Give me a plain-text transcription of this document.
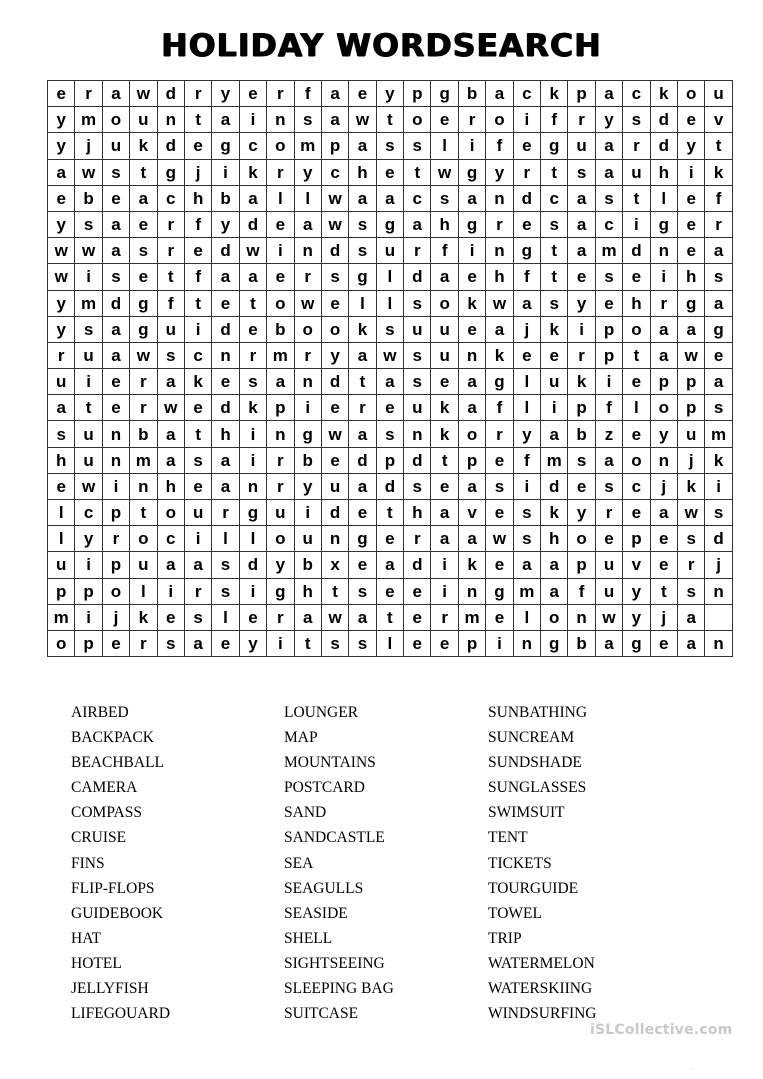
HOLIDAY WORDSEARCH
e	r	a	w	d	r	y	e	r	f	a	e	y	p	g	b	a	c	k	p	a	c	k	o	u
y	m	o	u	n	t	a	i	n	s	a	w	t	o	e	r	o	i	f	r	y	s	d	e	v
y	j	u	k	d	e	g	c	o	m	p	a	s	s	l	i	f	e	g	u	a	r	d	y	t
a	w	s	t	g	j	i	k	r	y	c	h	e	t	w	g	y	r	t	s	a	u	h	i	k
e	b	e	a	c	h	b	a	l	l	w	a	a	c	s	a	n	d	c	a	s	t	l	e	f
y	s	a	e	r	f	y	d	e	a	w	s	g	a	h	g	r	e	s	a	c	i	g	e	r
w	w	a	s	r	e	d	w	i	n	d	s	u	r	f	i	n	g	t	a	m	d	n	e	a
w	i	s	e	t	f	a	a	e	r	s	g	l	d	a	e	h	f	t	e	s	e	i	h	s
y	m	d	g	f	t	e	t	o	w	e	l	l	s	o	k	w	a	s	y	e	h	r	g	a
y	s	a	g	u	i	d	e	b	o	o	k	s	u	u	e	a	j	k	i	p	o	a	a	g
r	u	a	w	s	c	n	r	m	r	y	a	w	s	u	n	k	e	e	r	p	t	a	w	e
u	i	e	r	a	k	e	s	a	n	d	t	a	s	e	a	g	l	u	k	i	e	p	p	a
a	t	e	r	w	e	d	k	p	i	e	r	e	u	k	a	f	l	i	p	f	l	o	p	s
s	u	n	b	a	t	h	i	n	g	w	a	s	n	k	o	r	y	a	b	z	e	y	u	m
h	u	n	m	a	s	a	i	r	b	e	d	p	d	t	p	e	f	m	s	a	o	n	j	k
e	w	i	n	h	e	a	n	r	y	u	a	d	s	e	a	s	i	d	e	s	c	j	k	i
l	c	p	t	o	u	r	g	u	i	d	e	t	h	a	v	e	s	k	y	r	e	a	w	s
l	y	r	o	c	i	l	l	o	u	n	g	e	r	a	a	w	s	h	o	e	p	e	s	d
u	i	p	u	a	a	s	d	y	b	x	e	a	d	i	k	e	a	a	p	u	v	e	r	j
p	p	o	l	i	r	s	i	g	h	t	s	e	e	i	n	g	m	a	f	u	y	t	s	n
m	i	j	k	e	s	l	e	r	a	w	a	t	e	r	m	e	l	o	n	w	y	j	a	
o	p	e	r	s	a	e	y	i	t	s	s	l	e	e	p	i	n	g	b	a	g	e	a	n
AIRBED
BACKPACK
BEACHBALL
CAMERA
COMPASS
CRUISE
FINS
FLIP-FLOPS
GUIDEBOOK
HAT
HOTEL
JELLYFISH
LIFEGOUARD
LOUNGER
MAP
MOUNTAINS
POSTCARD
SAND
SANDCASTLE
SEA
SEAGULLS
SEASIDE
SHELL
SIGHTSEEING
SLEEPING BAG
SUITCASE
SUNBATHING
SUNCREAM
SUNDSHADE
SUNGLASSES
SWIMSUIT
TENT
TICKETS
TOURGUIDE
TOWEL
TRIP
WATERMELON
WATERSKIING
WINDSURFING
iSLCollective.com
.
